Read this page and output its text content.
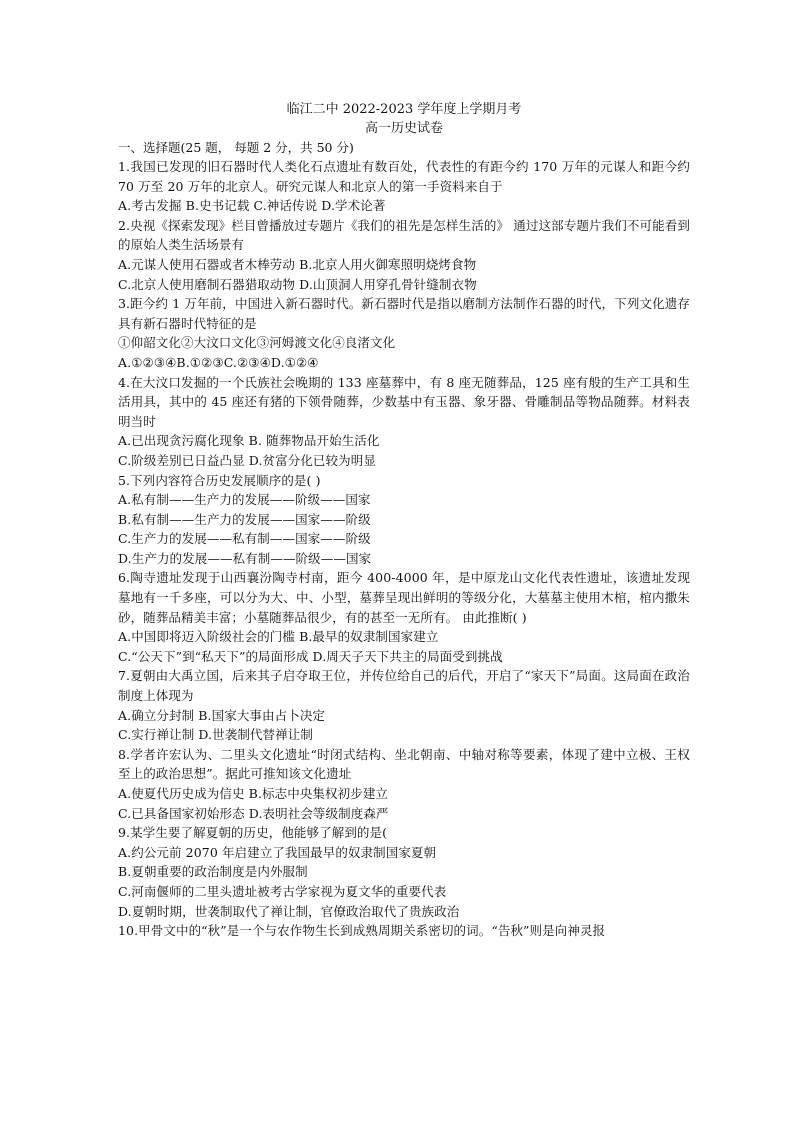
临江二中 2022-2023 学年度上学期月考

高一历史试卷

一、选择题(25 题， 每题 2 分，共 50 分)

1.我国已发现的旧石器时代人类化石点遗址有数百处，代表性的有距今约 170 万年的元谋人和距今约 70 万至 20 万年的北京人。研究元谋人和北京人的第一手资料来自于

A.考古发掘 B.史书记载 C.神话传说 D.学术论著

2.央视《探索发现》栏目曾播放过专题片《我们的祖先是怎样生活的》 通过这部专题片我们不可能看到的原始人类生活场景有

A.元谋人使用石器或者木棒劳动 B.北京人用火御寒照明烧烤食物

C.北京人使用磨制石器猎取动物 D.山顶洞人用穿孔骨针缝制衣物

3.距今约 1 万年前，中国进入新石器时代。新石器时代是指以磨制方法制作石器的时代，下列文化遗存具有新石器时代特征的是

①仰韶文化②大汶口文化③河姆渡文化④良渚文化

A.①②③④B.①②③C.②③④D.①②④

4.在大汶口发掘的一个氏族社会晚期的 133 座墓葬中，有 8 座无随葬品，125 座有般的生产工具和生活用具，其中的 45 座还有猪的下领骨随葬，少数基中有玉器、象牙器、骨雕制品等物品随葬。材料表明当时

A.已出现贪污腐化现象 B. 随葬物品开始生活化

C.阶级差别已日益凸显 D.贫富分化已较为明显

5.下列内容符合历史发展顺序的是( )

A.私有制——生产力的发展——阶级——国家

B.私有制——生产力的发展——国家——阶级

C.生产力的发展——私有制——国家——阶级

D.生产力的发展——私有制——阶级——国家

6.陶寺遗址发现于山西襄汾陶寺村南，距今 400-4000 年，是中原龙山文化代表性遗址，该遗址发现墓地有一千多座，可以分为大、中、小型，墓葬呈现出鲜明的等级分化，大墓墓主使用木棺，棺内撒朱砂，随葬品精美丰富；小墓随葬品很少，有的甚至一无所有。 由此推断( )

A.中国即将迈入阶级社会的门槛 B.最早的奴隶制国家建立

C.“公天下”到“私天下”的局面形成 D.周天子天下共主的局面受到挑战

7.夏朝由大禹立国，后来其子启夺取王位，并传位给自己的后代，开启了“家天下”局面。这局面在政治制度上体现为

A.确立分封制 B.国家大事由占卜决定

C.实行禅让制 D.世袭制代替禅让制

8.学者许宏认为、二里头文化遗址“时闭式结构、坐北朝南、中轴对称等要素，体现了建中立极、王权至上的政治思想”。据此可推知该文化遗址

A.使夏代历史成为信史 B.标志中央集权初步建立

C.已具备国家初始形态 D.表明社会等级制度森严

9.某学生要了解夏朝的历史，他能够了解到的是(

A.约公元前 2070 年启建立了我国最早的奴隶制国家夏朝

B.夏朝重要的政治制度是内外服制

C.河南偃师的二里头遗址被考古学家视为夏文华的重要代表

D.夏朝时期，世袭制取代了禅让制，官僚政治取代了贵族政治

10.甲骨文中的“秋”是一个与农作物生长到成熟周期关系密切的词。“告秋”则是向神灵报
